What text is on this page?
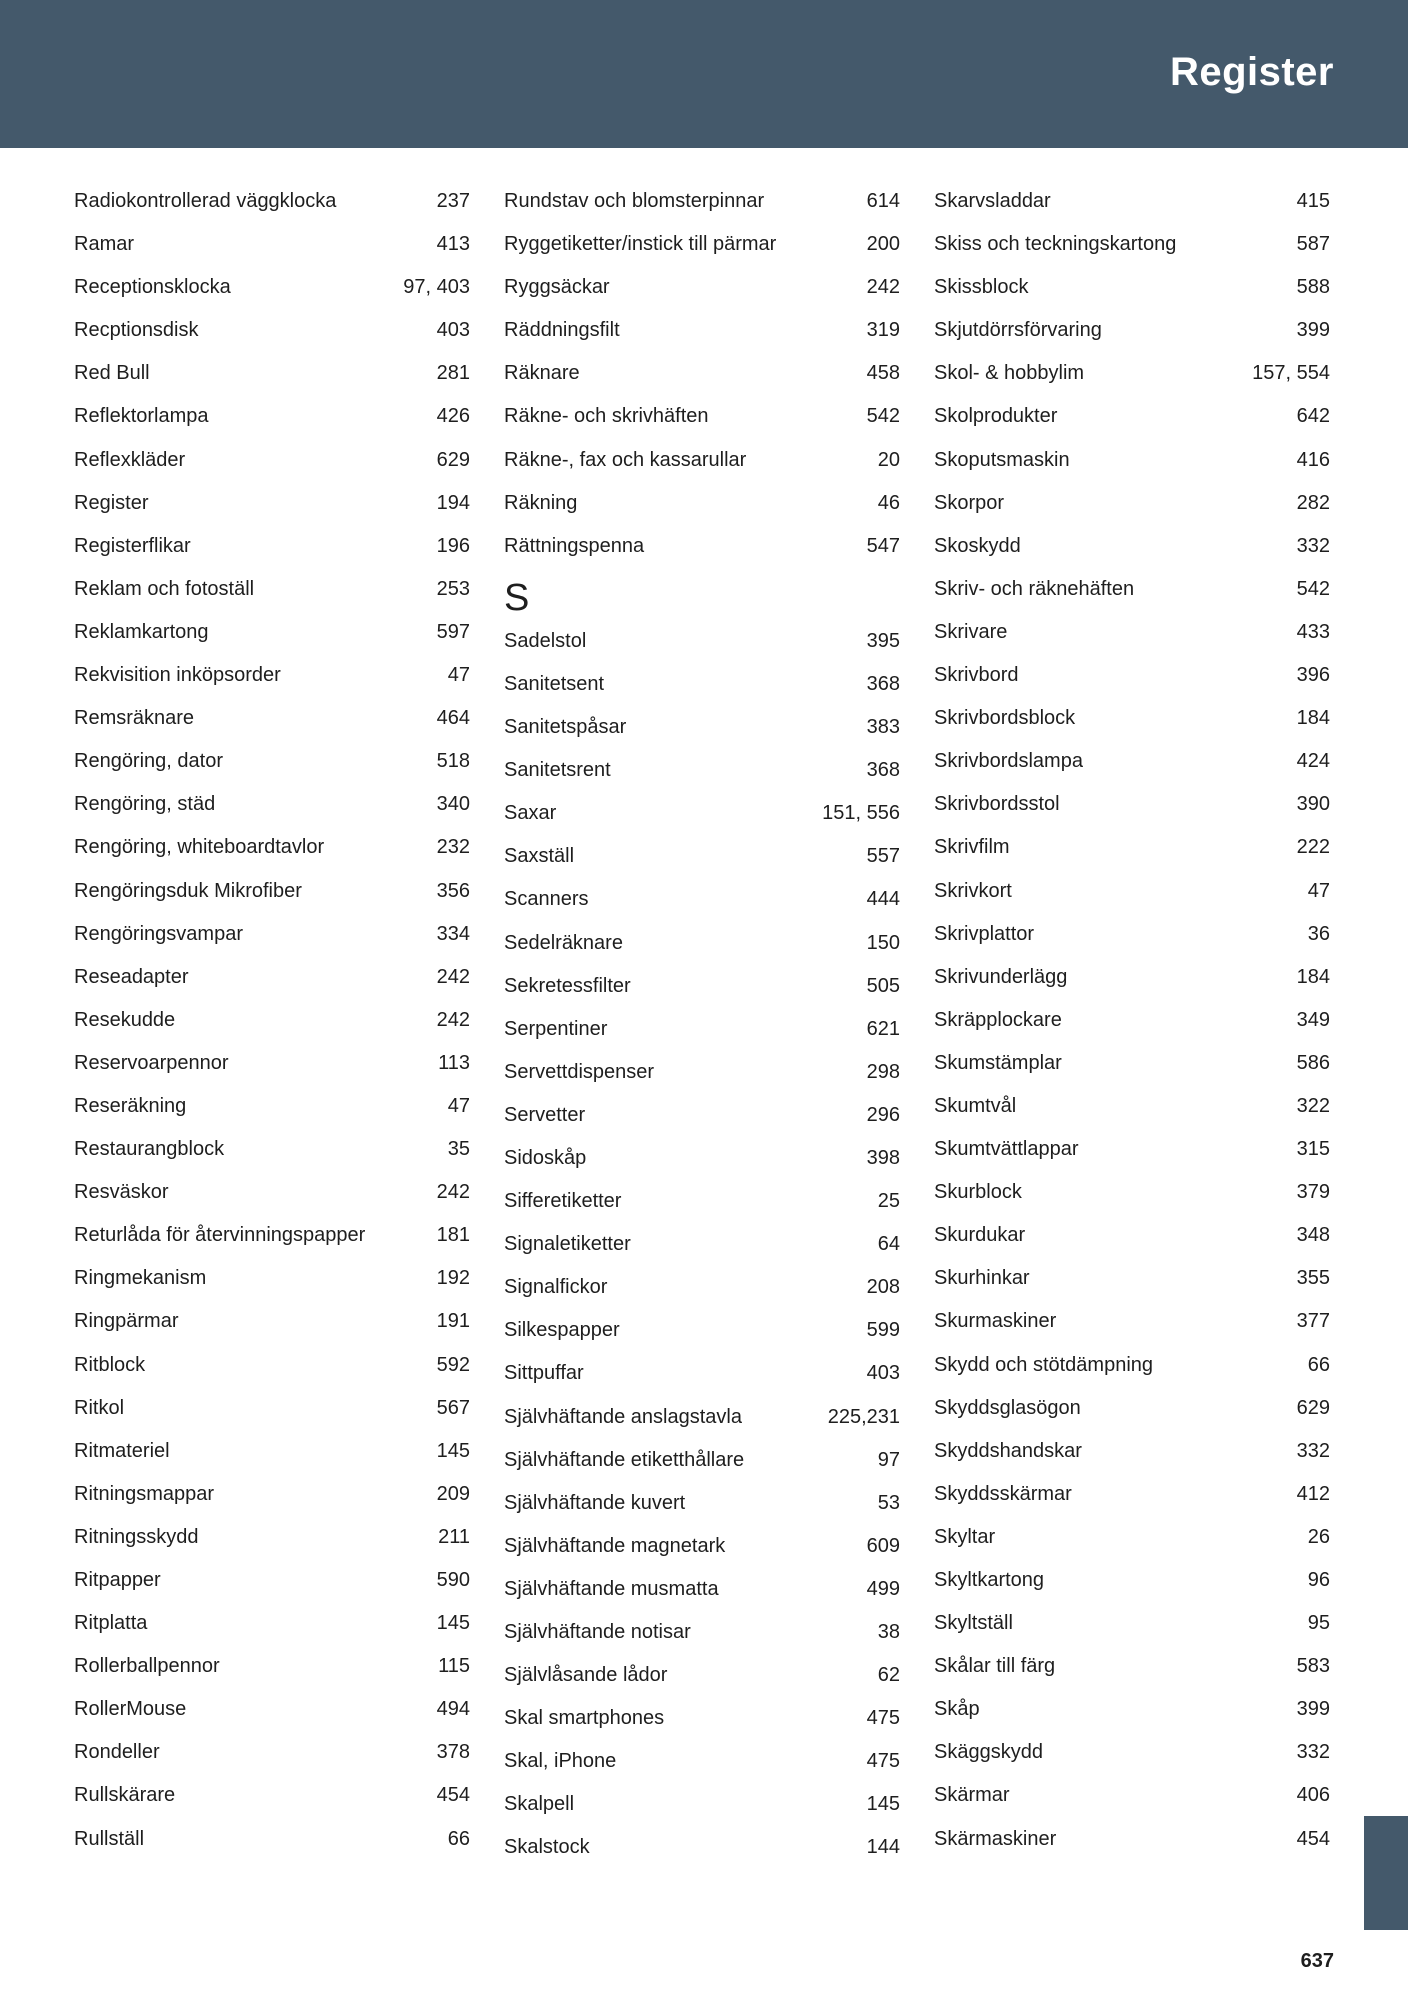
Register
Radiokontrollerad väggklocka	237
Ramar	413
Receptionsklocka	97, 403
Recptionsdisk	403
Red Bull	281
Reflektorlampa	426
Reflexkläder	629
Register	194
Registerflikar	196
Reklam och fotoställ	253
Reklamkartong	597
Rekvisition inköpsorder	47
Remsräknare	464
Rengöring, dator	518
Rengöring, städ	340
Rengöring, whiteboardtavlor	232
Rengöringsduk Mikrofiber	356
Rengöringsvampar	334
Reseadapter	242
Resekudde	242
Reservoarpennor	113
Reseräkning	47
Restaurangblock	35
Resväskor	242
Returlåda för återvinningspapper	181
Ringmekanism	192
Ringpärmar	191
Ritblock	592
Ritkol	567
Ritmateriel	145
Ritningsmappar	209
Ritningsskydd	211
Ritpapper	590
Ritplatta	145
Rollerballpennor	115
RollerMouse	494
Rondeller	378
Rullskärare	454
Rullställ	66
Rundstav och blomsterpinnar	614
Ryggetiketter/instick till pärmar	200
Ryggsäckar	242
Räddningsfilt	319
Räknare	458
Räkne- och skrivhäften	542
Räkne-, fax och kassarullar	20
Räkning	46
Rättningspenna	547
S
Sadelstol	395
Sanitetsent	368
Sanitetspåsar	383
Sanitetsrent	368
Saxar	151, 556
Saxställ	557
Scanners	444
Sedelräknare	150
Sekretessfilter	505
Serpentiner	621
Servettdispenser	298
Servetter	296
Sidoskåp	398
Sifferetiketter	25
Signaletiketter	64
Signalfickor	208
Silkespapper	599
Sittpuffar	403
Självhäftande anslagstavla	225,231
Självhäftande etiketthållare	97
Självhäftande kuvert	53
Självhäftande magnetark	609
Självhäftande musmatta	499
Självhäftande notisar	38
Självlåsande lådor	62
Skal smartphones	475
Skal, iPhone	475
Skalpell	145
Skalstock	144
Skarvsladdar	415
Skiss och teckningskartong	587
Skissblock	588
Skjutdörrsförvaring	399
Skol- & hobbylim	157, 554
Skolprodukter	642
Skoputsmaskin	416
Skorpor	282
Skoskydd	332
Skriv- och räknehäften	542
Skrivare	433
Skrivbord	396
Skrivbordsblock	184
Skrivbordslampa	424
Skrivbordsstol	390
Skrivfilm	222
Skrivkort	47
Skrivplattor	36
Skrivunderlägg	184
Skräpplockare	349
Skumstämplar	586
Skumtvål	322
Skumtvättlappar	315
Skurblock	379
Skurdukar	348
Skurhinkar	355
Skurmaskiner	377
Skydd och stötdämpning	66
Skyddsglasögon	629
Skyddshandskar	332
Skyddsskärmar	412
Skyltar	26
Skyltkartong	96
Skyltställ	95
Skålar till färg	583
Skåp	399
Skäggskydd	332
Skärmar	406
Skärmaskiner	454
637
